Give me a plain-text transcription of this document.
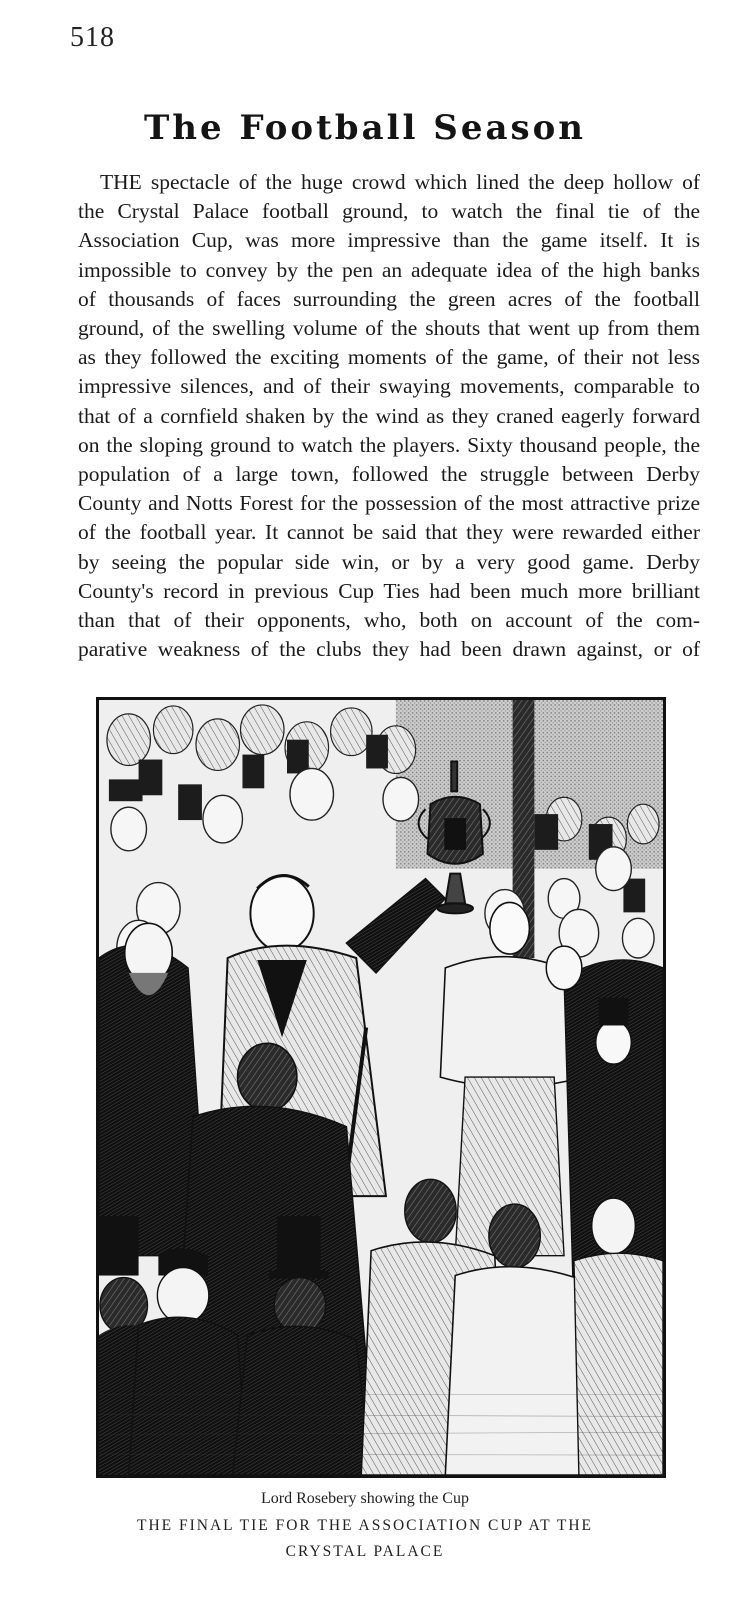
518
The Football Season
THE spectacle of the huge crowd which lined the deep hollow of
the Crystal Palace football ground, to watch the final tie of the
Association Cup, was more impressive than the game itself. It is
impossible to convey by the pen an adequate idea of the high banks
of thousands of faces surrounding the green acres of the football
ground, of the swelling volume of the shouts that went up from them
as they followed the exciting moments of the game, of their not less
impressive silences, and of their swaying movements, comparable to
that of a cornfield shaken by the wind as they craned eagerly forward
on the sloping ground to watch the players. Sixty thousand people, the
population of a large town, followed the struggle between Derby
County and Notts Forest for the possession of the most attractive prize
of the football year. It cannot be said that they were rewarded either
by seeing the popular side win, or by a very good game. Derby
County's record in previous Cup Ties had been much more brilliant
than that of their opponents, who, both on account of the com-
parative weakness of the clubs they had been drawn against, or of
Lord Rosebery showing the Cup
THE FINAL TIE FOR THE ASSOCIATION CUP AT THE
CRYSTAL PALACE
